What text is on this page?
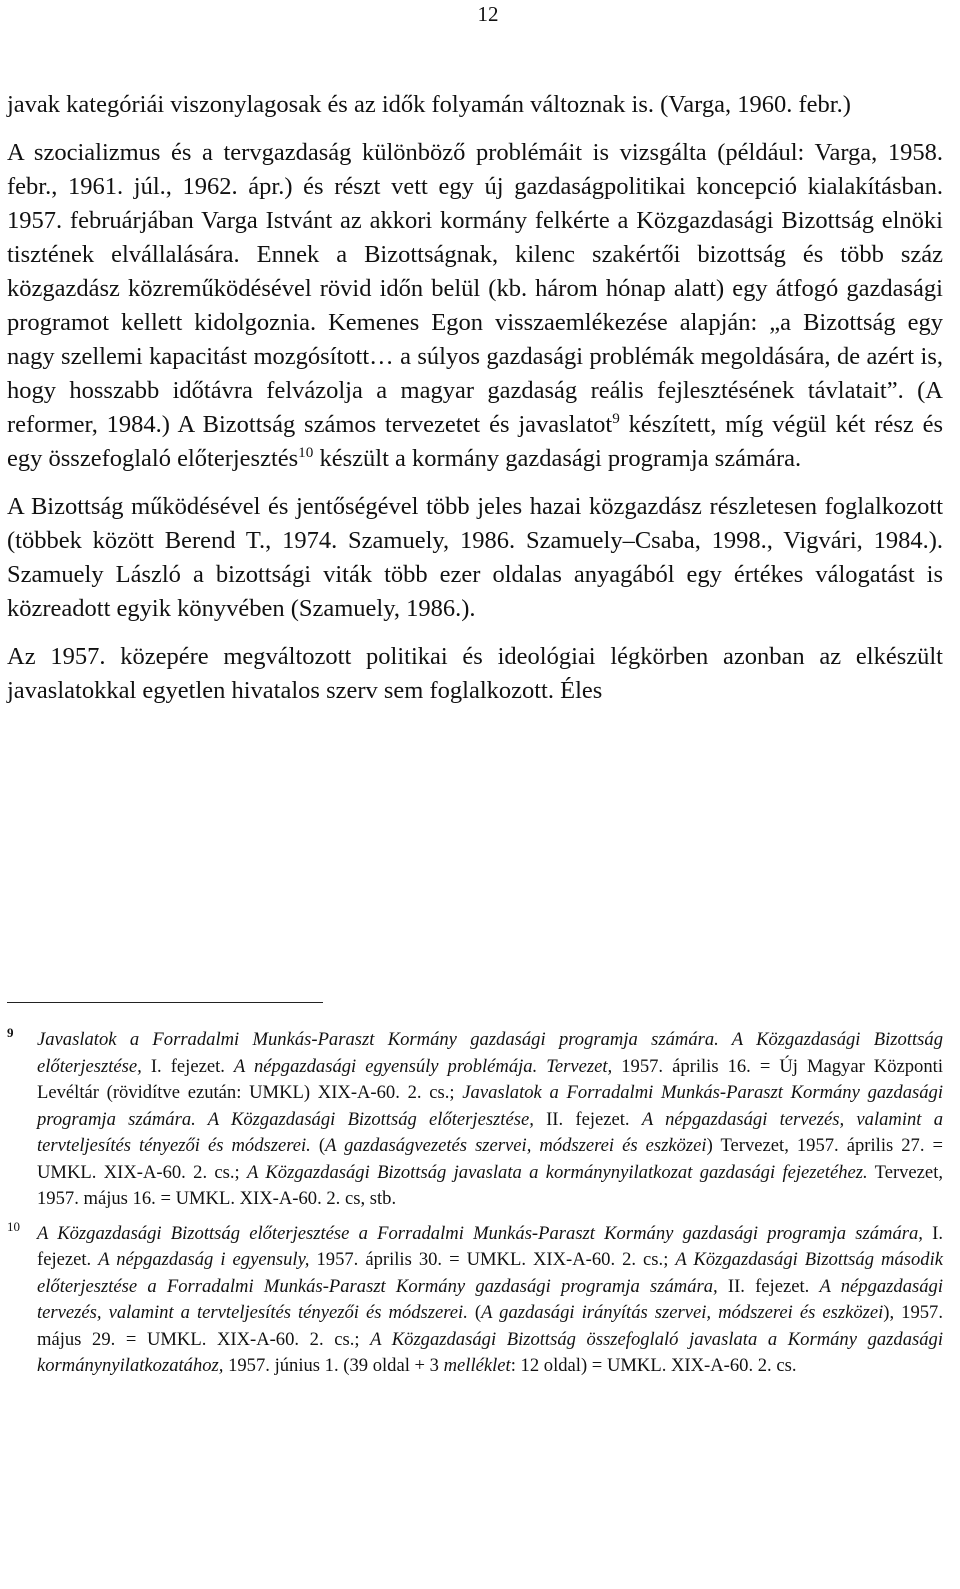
12

javak kategóriái viszonylagosak és az idők folyamán változnak is. (Varga, 1960. febr.)

A szocializmus és a tervgazdaság különböző problémáit is vizsgálta (például: Varga, 1958. febr., 1961. júl., 1962. ápr.) és részt vett egy új gazdaságpolitikai koncepció kialakításban. 1957. februárjában Varga Istvánt az akkori kormány felkérte a Közgazdasági Bizottság elnöki tisztének elvállalására. Ennek a Bizottságnak, kilenc szakértői bizottság és több száz közgazdász közreműködésével rövid időn belül (kb. három hónap alatt) egy átfogó gazdasági programot kellett kidolgoznia. Kemenes Egon visszaemlékezése alapján: „a Bizottság egy nagy szellemi kapacitást mozgósított… a súlyos gazdasági problémák megoldására, de azért is, hogy hosszabb időtávra felvázolja a magyar gazdaság reális fejlesztésének távlatait”. (A reformer, 1984.) A Bizottság számos tervezetet és javaslatot$^9$ készített, míg végül két rész és egy összefoglaló előterjesztés$^{10}$ készült a kormány gazdasági programja számára.

A Bizottság működésével és jentőségével több jeles hazai közgazdász részletesen foglalkozott (többek között Berend T., 1974. Szamuely, 1986. Szamuely–Csaba, 1998., Vigvári, 1984.). Szamuely László a bizottsági viták több ezer oldalas anyagából egy értékes válogatást is közreadott egyik könyvében (Szamuely, 1986.).

Az 1957. közepére megváltozott politikai és ideológiai légkörben azonban az elkészült javaslatokkal egyetlen hivatalos szerv sem foglalkozott. Éles

9 Javaslatok a Forradalmi Munkás-Paraszt Kormány gazdasági programja számára. A Közgazdasági Bizottság előterjesztése, I. fejezet. A népgazdasági egyensúly problémája. Tervezet, 1957. április 16. = Új Magyar Központi Levéltár (rövidítve ezután: UMKL) XIX-A-60. 2. cs.; Javaslatok a Forradalmi Munkás-Paraszt Kormány gazdasági programja számára. A Közgazdasági Bizottság előterjesztése, II. fejezet. A népgazdasági tervezés, valamint a tervteljesítés tényezői és módszerei. (A gazdaságvezetés szervei, módszerei és eszközei) Tervezet, 1957. április 27. = UMKL. XIX-A-60. 2. cs.; A Közgazdasági Bizottság javaslata a kormánynyilatkozat gazdasági fejezetéhez. Tervezet, 1957. május 16. = UMKL. XIX-A-60. 2. cs, stb.
10 A Közgazdasági Bizottság előterjesztése a Forradalmi Munkás-Paraszt Kormány gazdasági programja számára, I. fejezet. A népgazdaság i egyensuly, 1957. április 30. = UMKL. XIX-A-60. 2. cs.; A Közgazdasági Bizottság második előterjesztése a Forradalmi Munkás-Paraszt Kormány gazdasági programja számára, II. fejezet. A népgazdasági tervezés, valamint a tervteljesítés tényezői és módszerei. (A gazdasági irányítás szervei, módszerei és eszközei), 1957. május 29. = UMKL. XIX-A-60. 2. cs.; A Közgazdasági Bizottság összefoglaló javaslata a Kormány gazdasági kormánynyilatkozatához, 1957. június 1. (39 oldal + 3 melléklet: 12 oldal) = UMKL. XIX-A-60. 2. cs.
